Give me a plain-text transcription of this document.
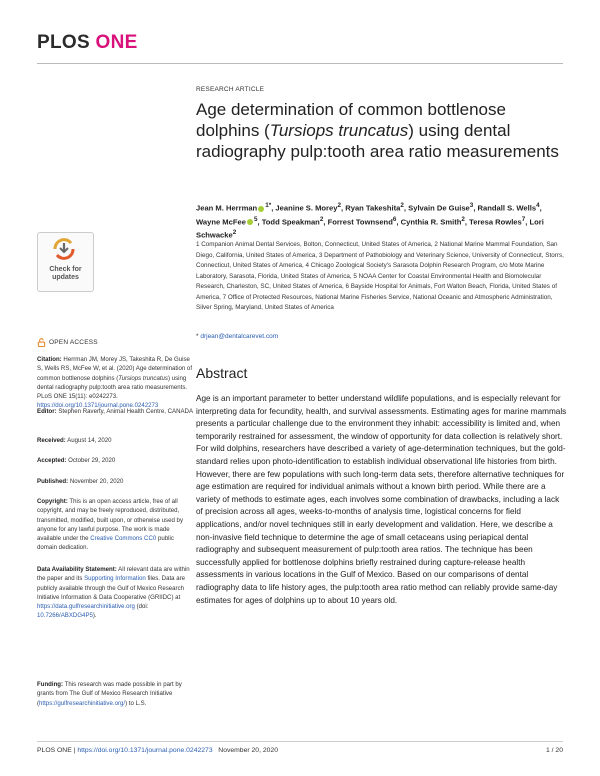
PLOS ONE
Check for
updates
RESEARCH ARTICLE
Age determination of common bottlenose dolphins (Tursiops truncatus) using dental radiography pulp:tooth area ratio measurements
Jean M. Herrman $^{1*}$, Jeanine S. Morey$^2$, Ryan Takeshita$^2$, Sylvain De Guise$^3$, Randall S. Wells$^4$, Wayne McFee $^5$, Todd Speakman$^2$, Forrest Townsend$^6$, Cynthia R. Smith$^2$, Teresa Rowles$^7$, Lori Schwacke$^2$
1 Companion Animal Dental Services, Bolton, Connecticut, United States of America, 2 National Marine Mammal Foundation, San Diego, California, United States of America, 3 Department of Pathobiology and Veterinary Science, University of Connecticut, Storrs, Connecticut, United States of America, 4 Chicago Zoological Society's Sarasota Dolphin Research Program, c/o Mote Marine Laboratory, Sarasota, Florida, United States of America, 5 NOAA Center for Coastal Environmental Health and Biomolecular Research, Charleston, SC, United States of America, 6 Bayside Hospital for Animals, Fort Walton Beach, Florida, United States of America, 7 Office of Protected Resources, National Marine Fisheries Service, National Oceanic and Atmospheric Administration, Silver Spring, Maryland, United States of America
* drjean@dentalcarevet.com
OPEN ACCESS
Citation: Herrman JM, Morey JS, Takeshita R, De Guise S, Wells RS, McFee W, et al. (2020) Age determination of common bottlenose dolphins (Tursiops truncatus) using dental radiography pulp:tooth area ratio measurements. PLoS ONE 15(11): e0242273. https://doi.org/10.1371/journal.pone.0242273
Editor: Stephen Raverty, Animal Health Centre, CANADA
Received: August 14, 2020
Accepted: October 29, 2020
Published: November 20, 2020
Copyright: This is an open access article, free of all copyright, and may be freely reproduced, distributed, transmitted, modified, built upon, or otherwise used by anyone for any lawful purpose. The work is made available under the Creative Commons CC0 public domain dedication.
Data Availability Statement: All relevant data are within the paper and its Supporting Information files. Data are publicly available through the Gulf of Mexico Research Initiative Information & Data Cooperative (GRIIDC) at https://data.gulfresearchinitiative.org (doi: 10.7266/ABXDG4P5).
Funding: This research was made possible in part by grants from The Gulf of Mexico Research Initiative (https://gulfresearchinitiative.org/) to L.S.
Abstract
Age is an important parameter to better understand wildlife populations, and is especially relevant for interpreting data for fecundity, health, and survival assessments. Estimating ages for marine mammals presents a particular challenge due to the environment they inhabit: accessibility is limited and, when temporarily restrained for assessment, the window of opportunity for data collection is relatively short. For wild dolphins, researchers have described a variety of age-determination techniques, but the gold-standard relies upon photo-identification to establish individual observational life histories from birth. However, there are few populations with such long-term data sets, therefore alternative techniques for age estimation are required for individual animals without a known birth period. While there are a variety of methods to estimate ages, each involves some combination of drawbacks, including a lack of precision across all ages, weeks-to-months of analysis time, logistical concerns for field applications, and/or novel techniques still in early development and validation. Here, we describe a non-invasive field technique to determine the age of small cetaceans using periapical dental radiography and subsequent measurement of pulp:tooth area ratios. The technique has been successfully applied for bottlenose dolphins briefly restrained during capture-release health assessments in various locations in the Gulf of Mexico. Based on our comparisons of dental radiography data to life history ages, the pulp:tooth area ratio method can reliably provide same-day estimates for ages of dolphins up to about 10 years old.
PLOS ONE | https://doi.org/10.1371/journal.pone.0242273 November 20, 2020	1 / 20
